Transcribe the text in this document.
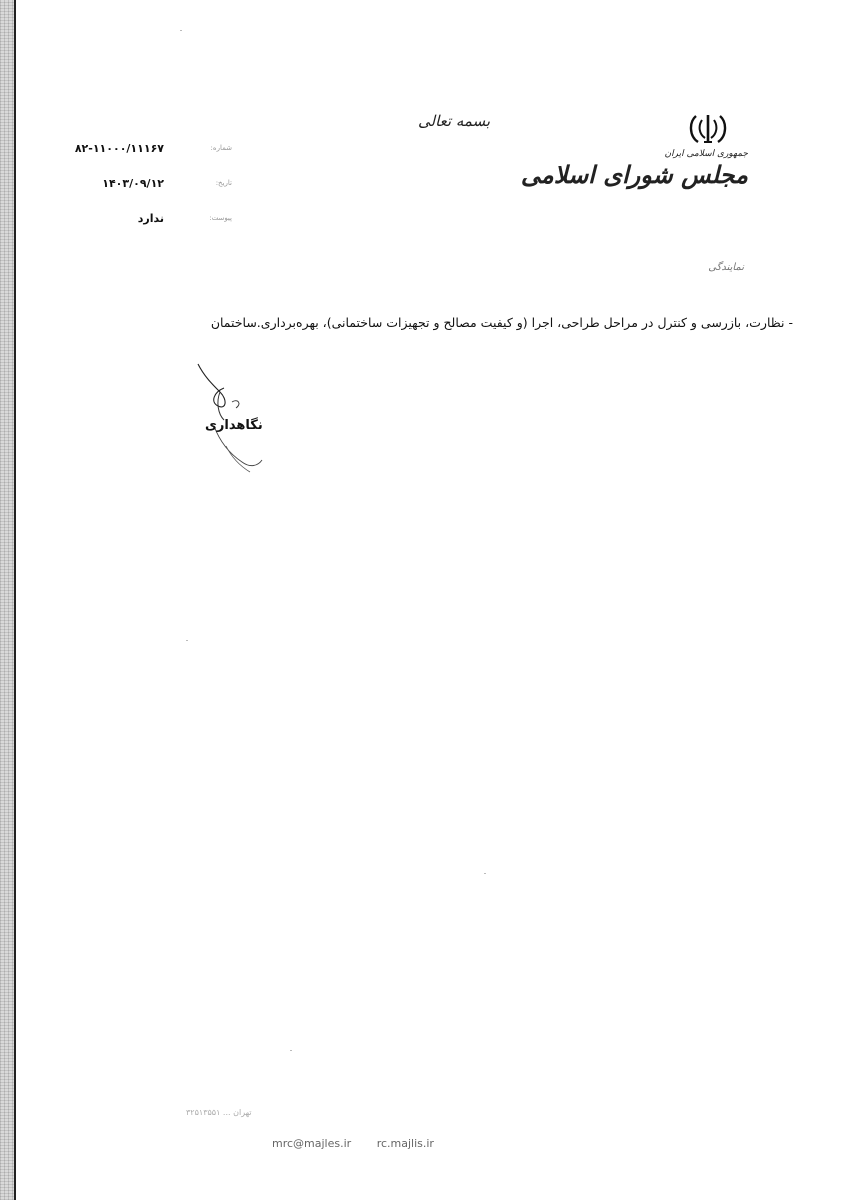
بسمه تعالی
جمهوری اسلامی ایران
مجلس شورای اسلامی
نمایندگی
۸۲-۱۱۰۰۰/۱۱۱۶۷	شماره:
۱۴۰۳/۰۹/۱۲	تاریخ:
ندارد	پیوست:
- نظارت، بازرسی و کنترل در مراحل طراحی، اجرا (و کیفیت مصالح و تجهیزات ساختمانی)، بهره‌برداری.ساختمان
نگاهداری
تهران ... ۳۲۵۱۳۵۵۱
mrc@majles.ir rc.majlis.ir
